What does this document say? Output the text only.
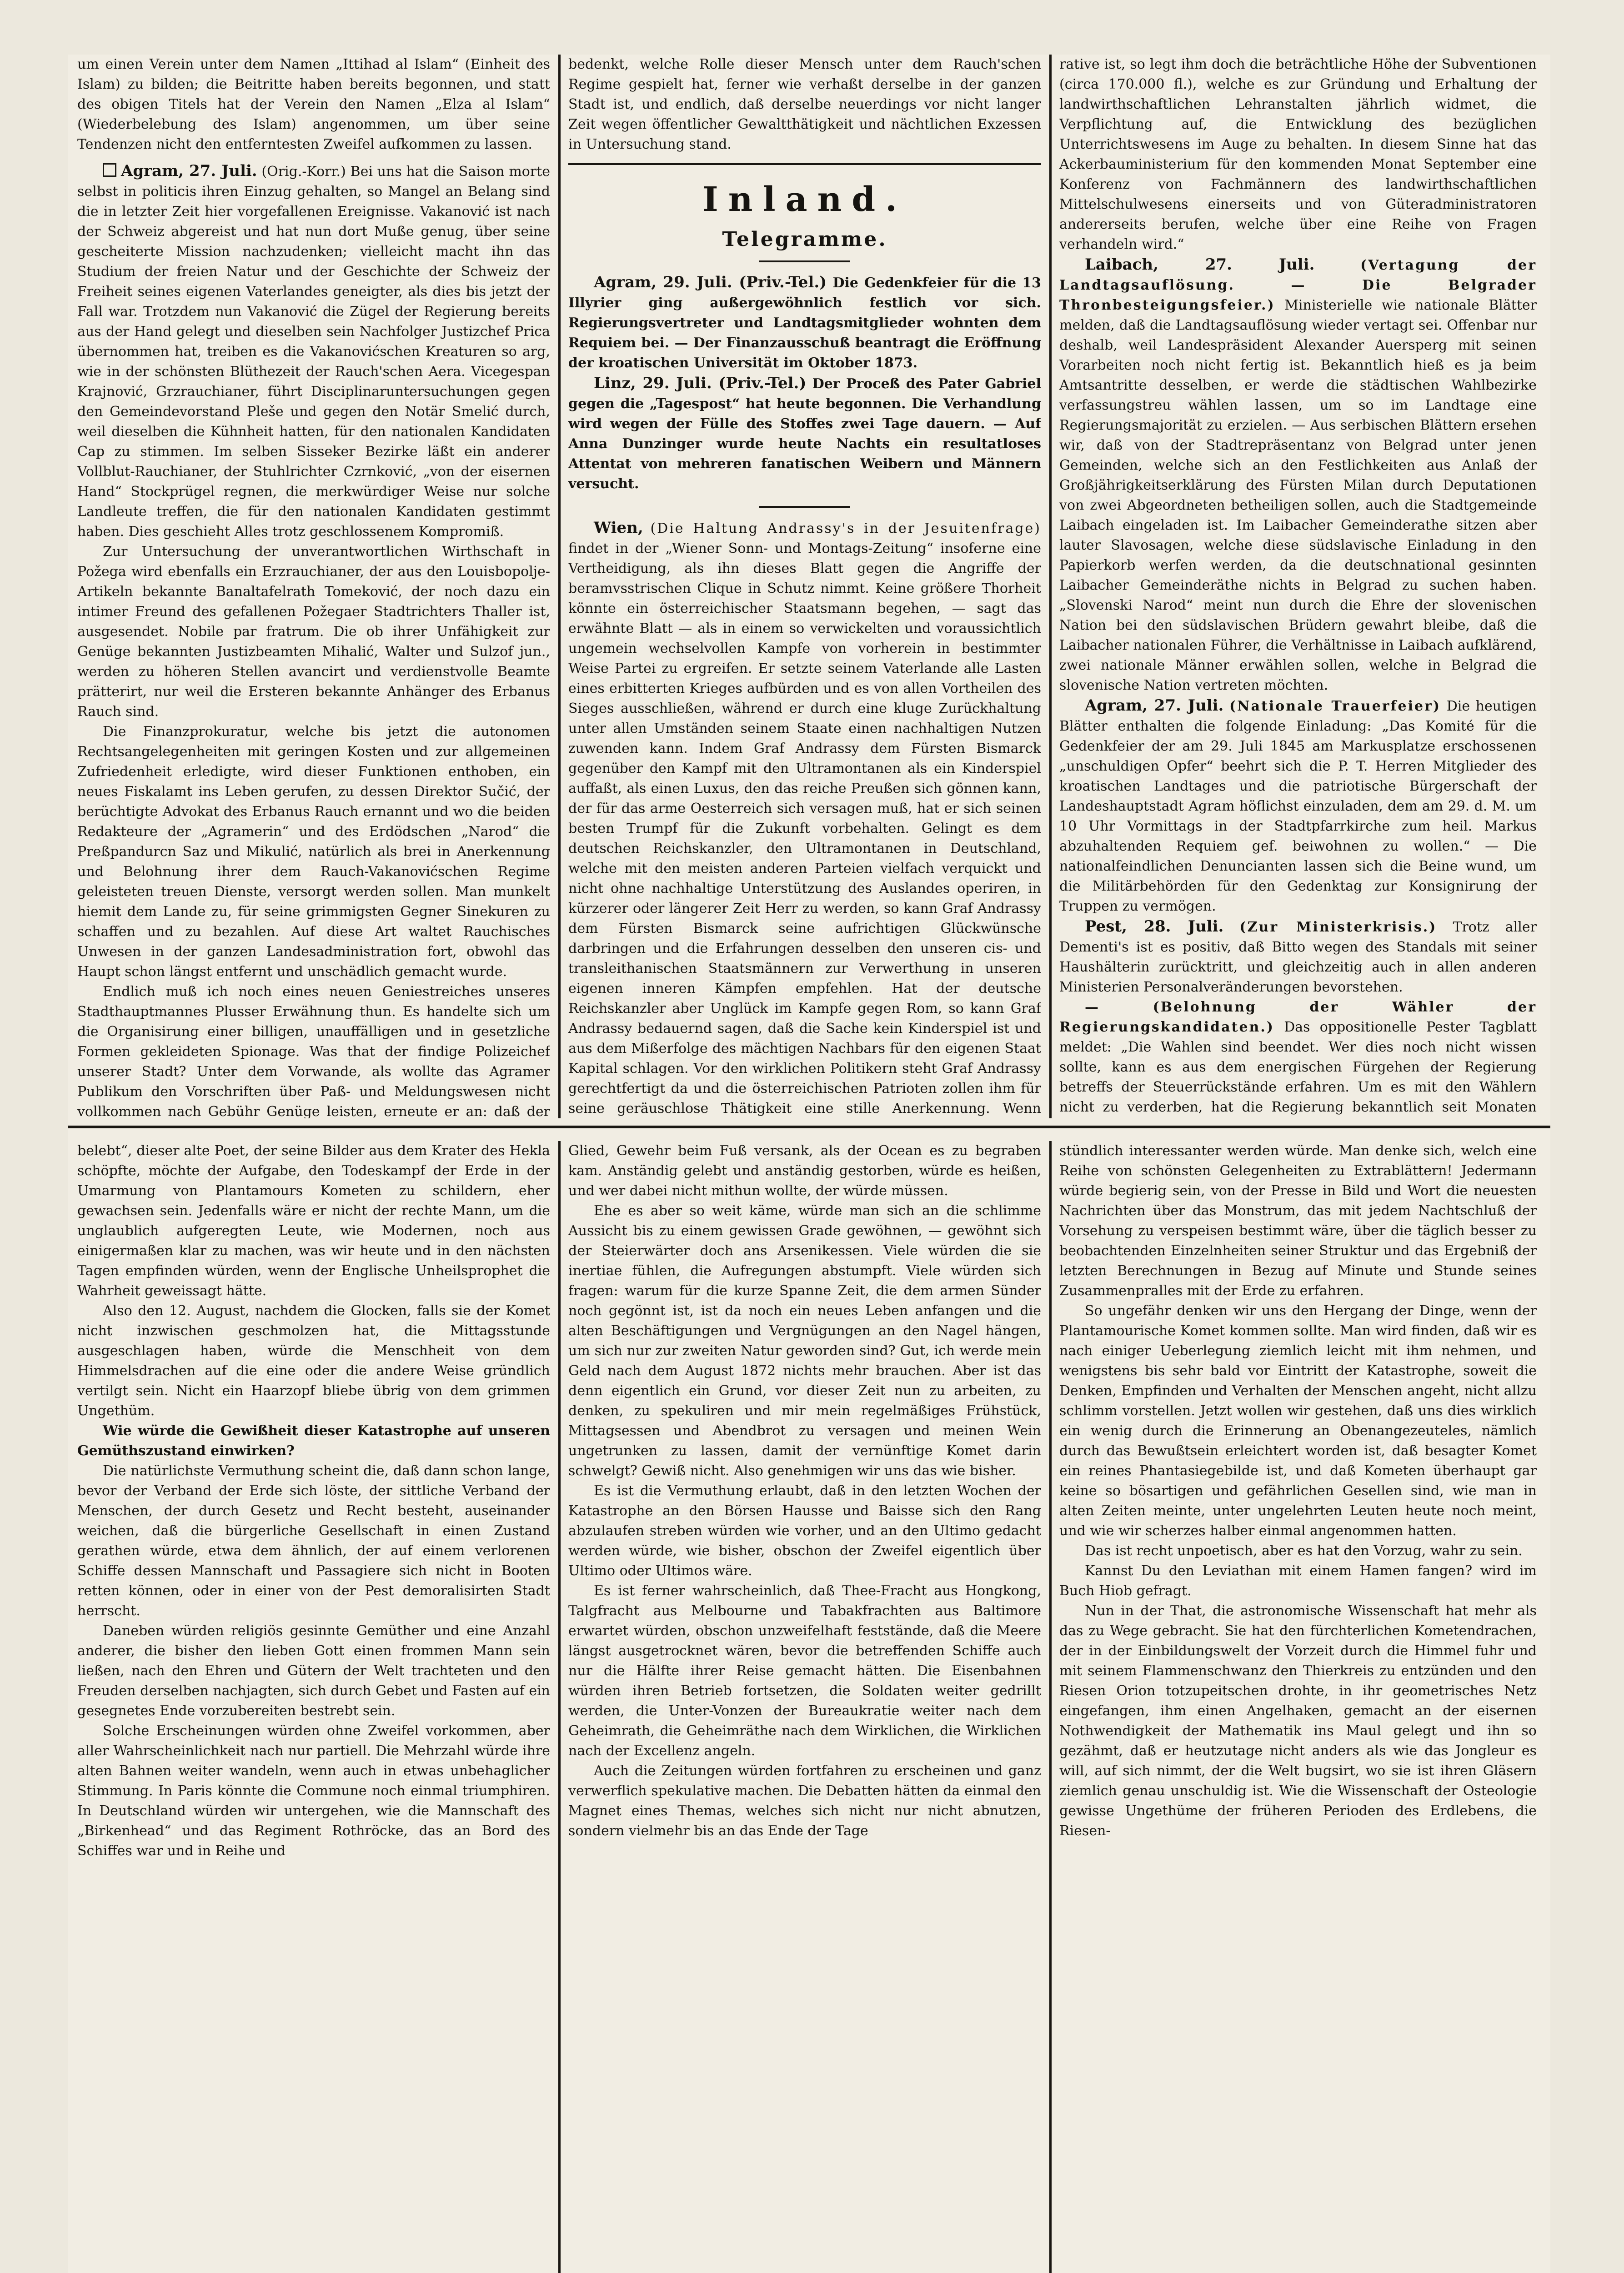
um einen Verein unter dem Namen „Ittihad al Islam“ (Einheit des Islam) zu bilden; die Beitritte haben bereits begonnen, und statt des obigen Titels hat der Verein den Namen „Elza al Islam“ (Wiederbelebung des Islam) angenommen, um über seine Tendenzen nicht den entferntesten Zweifel aufkommen zu lassen.

Agram, 27. Juli. (Orig.-Korr.) Bei uns hat die Saison morte selbst in politicis ihren Einzug gehalten, so Mangel an Belang sind die in letzter Zeit hier vorgefallenen Ereignisse. Vakanović ist nach der Schweiz abgereist und hat nun dort Muße genug, über seine gescheiterte Mission nachzudenken; vielleicht macht ihn das Studium der freien Natur und der Geschichte der Schweiz der Freiheit seines eigenen Vaterlandes geneigter, als dies bis jetzt der Fall war. Trotzdem nun Vakanović die Zügel der Regierung bereits aus der Hand gelegt und dieselben sein Nachfolger Justizchef Prica übernommen hat, treiben es die Vakanovićschen Kreaturen so arg, wie in der schönsten Blüthezeit der Rauch'schen Aera. Vicegespan Krajnović, Grzrauchianer, führt Disciplinaruntersuchungen gegen den Gemeindevorstand Pleše und gegen den Notär Smelić durch, weil dieselben die Kühnheit hatten, für den nationalen Kandidaten Cap zu stimmen. Im selben Sisseker Bezirke läßt ein anderer Vollblut-Rauchianer, der Stuhlrichter Czrnković, „von der eisernen Hand“ Stockprügel regnen, die merkwürdiger Weise nur solche Landleute treffen, die für den nationalen Kandidaten gestimmt haben. Dies geschieht Alles trotz geschlossenem Kompromiß.

Zur Untersuchung der unverantwortlichen Wirthschaft in Požega wird ebenfalls ein Erzrauchianer, der aus den Louisbopolje-Artikeln bekannte Banaltafelrath Tomeković, der noch dazu ein intimer Freund des gefallenen Požegaer Stadtrichters Thaller ist, ausgesendet. Nobile par fratrum. Die ob ihrer Unfähigkeit zur Genüge bekannten Justizbeamten Mihalić, Walter und Sulzof jun., werden zu höheren Stellen avancirt und verdienstvolle Beamte prätterirt, nur weil die Ersteren bekannte Anhänger des Erbanus Rauch sind.

Die Finanzprokuratur, welche bis jetzt die autonomen Rechtsangelegenheiten mit geringen Kosten und zur allgemeinen Zufriedenheit erledigte, wird dieser Funktionen enthoben, ein neues Fiskalamt ins Leben gerufen, zu dessen Direktor Sučić, der berüchtigte Advokat des Erbanus Rauch ernannt und wo die beiden Redakteure der „Agramerin“ und des Erdödschen „Narod“ die Preßpandurcn Saz und Mikulić, natürlich als brei in Anerkennung und Belohnung ihrer dem Rauch-Vakanovićschen Regime geleisteten treuen Dienste, versorgt werden sollen. Man munkelt hiemit dem Lande zu, für seine grimmigsten Gegner Sinekuren zu schaffen und zu bezahlen. Auf diese Art waltet Rauchisches Unwesen in der ganzen Landesadministration fort, obwohl das Haupt schon längst entfernt und unschädlich gemacht wurde.

Endlich muß ich noch eines neuen Geniestreiches unseres Stadthauptmannes Plusser Erwähnung thun. Es handelte sich um die Organisirung einer billigen, unauffälligen und in gesetzliche Formen gekleideten Spionage. Was that der findige Polizeichef unserer Stadt? Unter dem Vorwande, als wollte das Agramer Publikum den Vorschriften über Paß- und Meldungswesen nicht vollkommen nach Gebühr Genüge leisten, erneute er an: daß der

bedenkt, welche Rolle dieser Mensch unter dem Rauch'schen Regime gespielt hat, ferner wie verhaßt derselbe in der ganzen Stadt ist, und endlich, daß derselbe neuerdings vor nicht langer Zeit wegen öffentlicher Gewaltthätigkeit und nächtlichen Exzessen in Untersuchung stand.

Inland.
Telegramme.

Agram, 29. Juli. (Priv.-Tel.) Die Gedenkfeier für die 13 Illyrier ging außergewöhnlich festlich vor sich. Regierungsvertreter und Landtagsmitglieder wohnten dem Requiem bei. — Der Finanzausschuß beantragt die Eröffnung der kroatischen Universität im Oktober 1873.

Linz, 29. Juli. (Priv.-Tel.) Der Proceß des Pater Gabriel gegen die „Tagespost“ hat heute begonnen. Die Verhandlung wird wegen der Fülle des Stoffes zwei Tage dauern. — Auf Anna Dunzinger wurde heute Nachts ein resultatloses Attentat von mehreren fanatischen Weibern und Männern versucht.

Wien, (Die Haltung Andrassy's in der Jesuitenfrage) findet in der „Wiener Sonn- und Montags-Zeitung“ insoferne eine Vertheidigung, als ihn dieses Blatt gegen die Angriffe der beramvsstrischen Clique in Schutz nimmt. Keine größere Thorheit könnte ein österreichischer Staatsmann begehen, — sagt das erwähnte Blatt — als in einem so verwickelten und voraussichtlich ungemein wechselvollen Kampfe von vorherein in bestimmter Weise Partei zu ergreifen. Er setzte seinem Vaterlande alle Lasten eines erbitterten Krieges aufbürden und es von allen Vortheilen des Sieges ausschließen, während er durch eine kluge Zurückhaltung unter allen Umständen seinem Staate einen nachhaltigen Nutzen zuwenden kann. Indem Graf Andrassy dem Fürsten Bismarck gegenüber den Kampf mit den Ultramontanen als ein Kinderspiel auffaßt, als einen Luxus, den das reiche Preußen sich gönnen kann, der für das arme Oesterreich sich versagen muß, hat er sich seinen besten Trumpf für die Zukunft vorbehalten. Gelingt es dem deutschen Reichskanzler, den Ultramontanen in Deutschland, welche mit den meisten anderen Parteien vielfach verquickt und nicht ohne nachhaltige Unterstützung des Auslandes operiren, in kürzerer oder längerer Zeit Herr zu werden, so kann Graf Andrassy dem Fürsten Bismarck seine aufrichtigen Glückwünsche darbringen und die Erfahrungen desselben den unseren cis- und transleithanischen Staatsmännern zur Verwerthung in unseren eigenen inneren Kämpfen empfehlen. Hat der deutsche Reichskanzler aber Unglück im Kampfe gegen Rom, so kann Graf Andrassy bedauernd sagen, daß die Sache kein Kinderspiel ist und aus dem Mißerfolge des mächtigen Nachbars für den eigenen Staat Kapital schlagen. Vor den wirklichen Politikern steht Graf Andrassy gerechtfertigt da und die österreichischen Patrioten zollen ihm für seine geräuschlose Thätigkeit eine stille Anerkennung. Wenn

rative ist, so legt ihm doch die beträchtliche Höhe der Subventionen (circa 170.000 fl.), welche es zur Gründung und Erhaltung der landwirthschaftlichen Lehranstalten jährlich widmet, die Verpflichtung auf, die Entwicklung des bezüglichen Unterrichtswesens im Auge zu behalten. In diesem Sinne hat das Ackerbauministerium für den kommenden Monat September eine Konferenz von Fachmännern des landwirthschaftlichen Mittelschulwesens einerseits und von Güteradministratoren andererseits berufen, welche über eine Reihe von Fragen verhandeln wird.“

Laibach, 27. Juli.	(Vertagung der Landtagsauflösung. — Die Belgrader Thronbesteigungsfeier.) Ministerielle wie nationale Blätter melden, daß die Landtagsauflösung wieder vertagt sei. Offenbar nur deshalb, weil Landespräsident Alexander Auersperg mit seinen Vorarbeiten noch nicht fertig ist. Bekanntlich hieß es ja beim Amtsantritte desselben, er werde die städtischen Wahlbezirke verfassungstreu wählen lassen, um so im Landtage eine Regierungsmajorität zu erzielen. — Aus serbischen Blättern ersehen wir, daß von der Stadtrepräsentanz von Belgrad unter jenen Gemeinden, welche sich an den Festlichkeiten aus Anlaß der Großjährigkeitserklärung des Fürsten Milan durch Deputationen von zwei Abgeordneten betheiligen sollen, auch die Stadtgemeinde Laibach eingeladen ist. Im Laibacher Gemeinderathe sitzen aber lauter Slavosagen, welche diese südslavische Einladung in den Papierkorb werfen werden, da die deutschnational gesinnten Laibacher Gemeinderäthe nichts in Belgrad zu suchen haben. „Slovenski Narod“ meint nun durch die Ehre der slovenischen Nation bei den südslavischen Brüdern gewahrt bleibe, daß die Laibacher nationalen Führer, die Verhältnisse in Laibach aufklärend, zwei nationale Männer erwählen sollen, welche in Belgrad die slovenische Nation vertreten möchten.

Agram, 27. Juli. (Nationale Trauerfeier) Die heutigen Blätter enthalten die folgende Einladung: „Das Komité für die Gedenkfeier der am 29. Juli 1845 am Markusplatze erschossenen „unschuldigen Opfer“ beehrt sich die P. T. Herren Mitglieder des kroatischen Landtages und die patriotische Bürgerschaft der Landeshauptstadt Agram höflichst einzuladen, dem am 29. d. M. um 10 Uhr Vormittags in der Stadtpfarrkirche zum heil. Markus abzuhaltenden Requiem gef. beiwohnen zu wollen.“ — Die nationalfeindlichen Denuncianten lassen sich die Beine wund, um die Militärbehörden für den Gedenktag zur Konsignirung der Truppen zu vermögen.

Pest, 28. Juli. (Zur Ministerkrisis.) Trotz aller Dementi's ist es positiv, daß Bitto wegen des Standals mit seiner Haushälterin zurücktritt, und gleichzeitig auch in allen anderen Ministerien Personalveränderungen bevorstehen.

— (Belohnung der Wähler der Regierungskandidaten.) Das oppositionelle Pester Tagblatt meldet: „Die Wahlen sind beendet. Wer dies noch nicht wissen sollte, kann es aus dem energischen Fürgehen der Regierung betreffs der Steuerrückstände erfahren. Um es mit den Wählern nicht zu verderben, hat die Regierung bekanntlich seit Monaten

belebt“, dieser alte Poet, der seine Bilder aus dem Krater des Hekla schöpfte, möchte der Aufgabe, den Todeskampf der Erde in der Umarmung von Plantamours Kometen zu schildern, eher gewachsen sein. Jedenfalls wäre er nicht der rechte Mann, um die unglaublich aufgeregten Leute, wie Modernen, noch aus einigermaßen klar zu machen, was wir heute und in den nächsten Tagen empfinden würden, wenn der Englische Unheilsprophet die Wahrheit geweissagt hätte.

Also den 12. August, nachdem die Glocken, falls sie der Komet nicht inzwischen geschmolzen hat, die Mittagsstunde ausgeschlagen haben, würde die Menschheit von dem Himmelsdrachen auf die eine oder die andere Weise gründlich vertilgt sein. Nicht ein Haarzopf bliebe übrig von dem grimmen Ungethüm.

Wie würde die Gewißheit dieser Katastrophe auf unseren Gemüthszustand einwirken?

Die natürlichste Vermuthung scheint die, daß dann schon lange, bevor der Verband der Erde sich löste, der sittliche Verband der Menschen, der durch Gesetz und Recht besteht, auseinander weichen, daß die bürgerliche Gesellschaft in einen Zustand gerathen würde, etwa dem ähnlich, der auf einem verlorenen Schiffe dessen Mannschaft und Passagiere sich nicht in Booten retten können, oder in einer von der Pest demoralisirten Stadt herrscht.

Daneben würden religiös gesinnte Gemüther und eine Anzahl anderer, die bisher den lieben Gott einen frommen Mann sein ließen, nach den Ehren und Gütern der Welt trachteten und den Freuden derselben nachjagten, sich durch Gebet und Fasten auf ein gesegnetes Ende vorzubereiten bestrebt sein.

Solche Erscheinungen würden ohne Zweifel vorkommen, aber aller Wahrscheinlichkeit nach nur partiell. Die Mehrzahl würde ihre alten Bahnen weiter wandeln, wenn auch in etwas unbehaglicher Stimmung. In Paris könnte die Commune noch einmal triumphiren. In Deutschland würden wir untergehen, wie die Mannschaft des „Birkenhead“ und das Regiment Rothröcke, das an Bord des Schiffes war und in Reihe und

Glied, Gewehr beim Fuß versank, als der Ocean es zu begraben kam. Anständig gelebt und anständig gestorben, würde es heißen, und wer dabei nicht mithun wollte, der würde müssen.

Ehe es aber so weit käme, würde man sich an die schlimme Aussicht bis zu einem gewissen Grade gewöhnen, — gewöhnt sich der Steierwärter doch ans Arsenikessen. Viele würden die sie inertiae fühlen, die Aufregungen abstumpft. Viele würden sich fragen: warum für die kurze Spanne Zeit, die dem armen Sünder noch gegönnt ist, ist da noch ein neues Leben anfangen und die alten Beschäftigungen und Vergnügungen an den Nagel hängen, um sich nur zur zweiten Natur geworden sind? Gut, ich werde mein Geld nach dem August 1872 nichts mehr brauchen. Aber ist das denn eigentlich ein Grund, vor dieser Zeit nun zu arbeiten, zu denken, zu spekuliren und mir mein regelmäßiges Frühstück, Mittagsessen und Abendbrot zu versagen und meinen Wein ungetrunken zu lassen, damit der vernünftige Komet darin schwelgt? Gewiß nicht. Also genehmigen wir uns das wie bisher.

Es ist die Vermuthung erlaubt, daß in den letzten Wochen der Katastrophe an den Börsen Hausse und Baisse sich den Rang abzulaufen streben würden wie vorher, und an den Ultimo gedacht werden würde, wie bisher, obschon der Zweifel eigentlich über Ultimo oder Ultimos wäre.

Es ist ferner wahrscheinlich, daß Thee-Fracht aus Hongkong, Talgfracht aus Melbourne und Tabakfrachten aus Baltimore erwartet würden, obschon unzweifelhaft feststände, daß die Meere längst ausgetrocknet wären, bevor die betreffenden Schiffe auch nur die Hälfte ihrer Reise gemacht hätten. Die Eisenbahnen würden ihren Betrieb fortsetzen, die Soldaten weiter gedrillt werden, die Unter-Vonzen der Bureaukratie weiter nach dem Geheimrath, die Geheimräthe nach dem Wirklichen, die Wirklichen nach der Excellenz angeln.

Auch die Zeitungen würden fortfahren zu erscheinen und ganz verwerflich spekulative machen. Die Debatten hätten da einmal den Magnet eines Themas, welches sich nicht nur nicht abnutzen, sondern vielmehr bis an das Ende der Tage

stündlich interessanter werden würde. Man denke sich, welch eine Reihe von schönsten Gelegenheiten zu Extrablättern! Jedermann würde begierig sein, von der Presse in Bild und Wort die neuesten Nachrichten über das Monstrum, das mit jedem Nachtschluß der Vorsehung zu verspeisen bestimmt wäre, über die täglich besser zu beobachtenden Einzelnheiten seiner Struktur und das Ergebniß der letzten Berechnungen in Bezug auf Minute und Stunde seines Zusammenpralles mit der Erde zu erfahren.

So ungefähr denken wir uns den Hergang der Dinge, wenn der Plantamourische Komet kommen sollte. Man wird finden, daß wir es nach einiger Ueberlegung ziemlich leicht mit ihm nehmen, und wenigstens bis sehr bald vor Eintritt der Katastrophe, soweit die Denken, Empfinden und Verhalten der Menschen angeht, nicht allzu schlimm vorstellen. Jetzt wollen wir gestehen, daß uns dies wirklich ein wenig durch die Erinnerung an Obenangezeuteles, nämlich durch das Bewußtsein erleichtert worden ist, daß besagter Komet ein reines Phantasiegebilde ist, und daß Kometen überhaupt gar keine so bösartigen und gefährlichen Gesellen sind, wie man in alten Zeiten meinte, unter ungelehrten Leuten heute noch meint, und wie wir scherzes halber einmal angenommen hatten.

Das ist recht unpoetisch, aber es hat den Vorzug, wahr zu sein.

Kannst Du den Leviathan mit einem Hamen fangen? wird im Buch Hiob gefragt.

Nun in der That, die astronomische Wissenschaft hat mehr als das zu Wege gebracht. Sie hat den fürchterlichen Kometendrachen, der in der Einbildungswelt der Vorzeit durch die Himmel fuhr und mit seinem Flammenschwanz den Thierkreis zu entzünden und den Riesen Orion totzupeitschen drohte, in ihr geometrisches Netz eingefangen, ihm einen Angelhaken, gemacht an der eisernen Nothwendigkeit der Mathematik ins Maul gelegt und ihn so gezähmt, daß er heutzutage nicht anders als wie das Jongleur es will, auf sich nimmt, der die Welt bugsirt, wo sie ist ihren Gläsern ziemlich genau unschuldig ist. Wie die Wissenschaft der Osteologie gewisse Ungethüme der früheren Perioden des Erdlebens, die Riesen-
